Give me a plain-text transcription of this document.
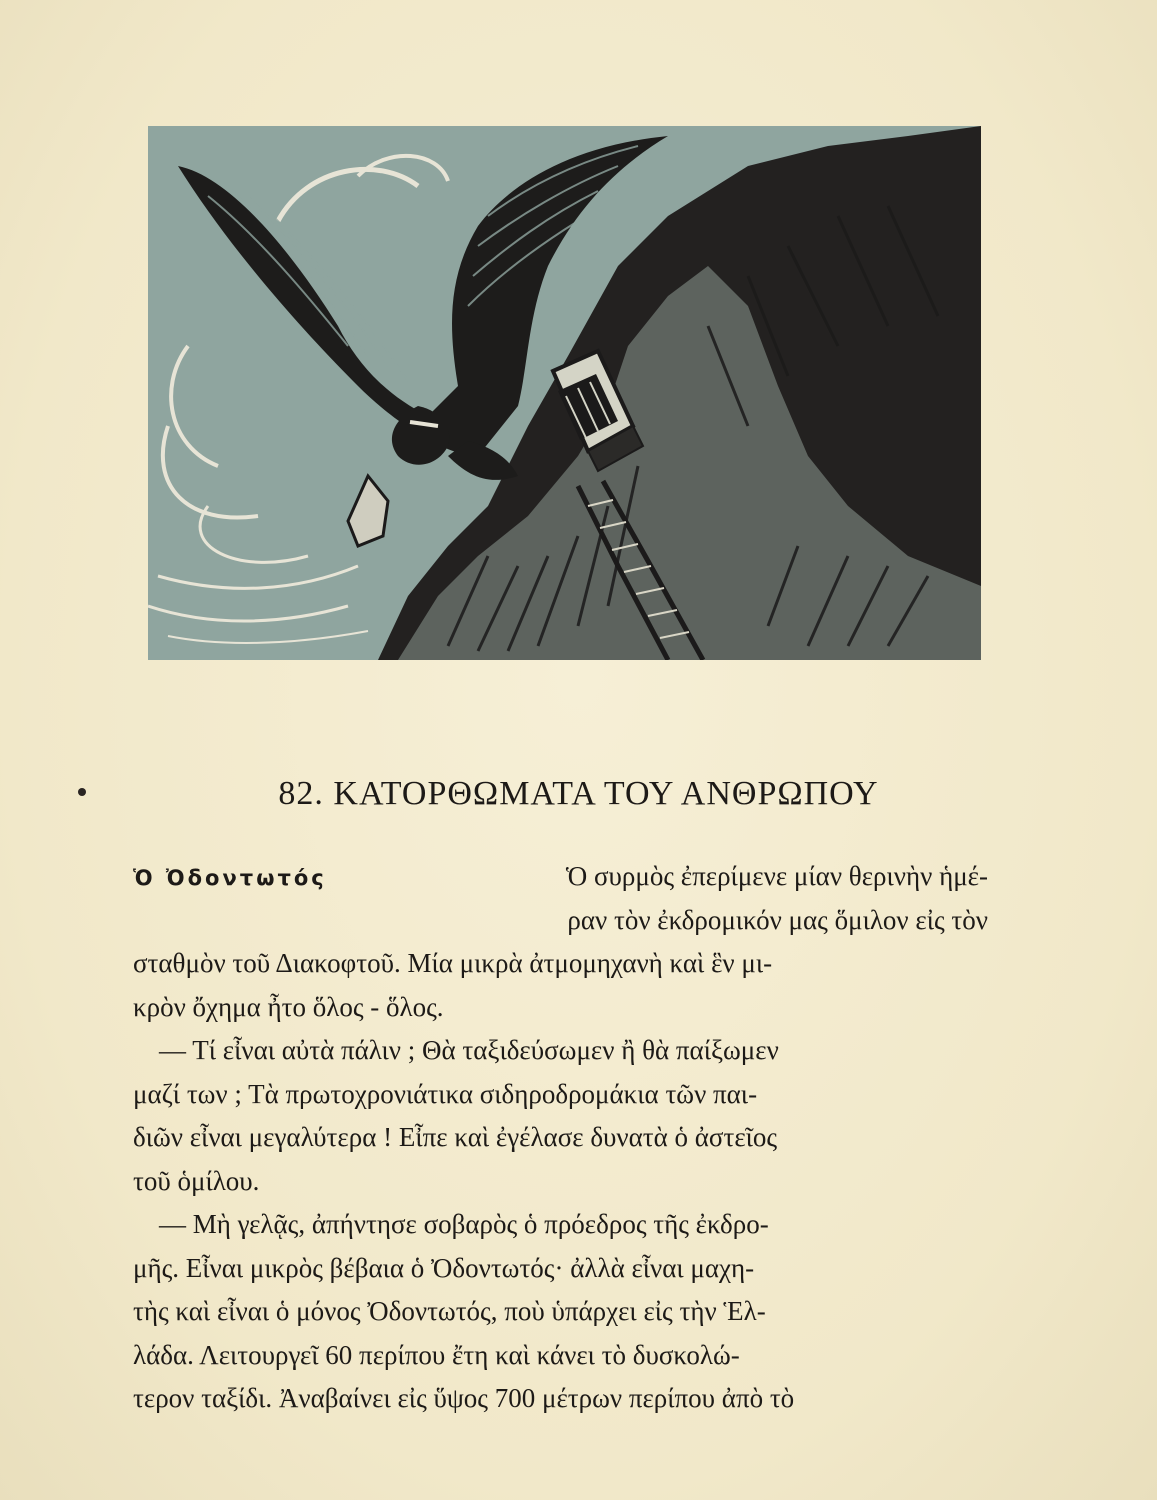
82. ΚΑΤΟΡΘΩΜΑΤΑ ΤΟΥ ΑΝΘΡΩΠΟΥ
Ὁ Ὀδοντωτός	Ὁ συρμὸς ἐπερίμενε μίαν θερινὴν ἡμέ-
ραν τὸν ἐκδρομικόν μας ὅμιλον εἰς τὸν
σταθμὸν τοῦ Διακοφτοῦ. Μία μικρὰ ἀτμομηχανὴ καὶ ἓν μι-
κρὸν ὄχημα ἦτο ὅλος - ὅλος.
— Τί εἶναι αὐτὰ πάλιν ; Θὰ ταξιδεύσωμεν ἢ θὰ παίξωμεν
μαζί των ; Τὰ πρωτοχρονιάτικα σιδηροδρομάκια τῶν παι-
διῶν εἶναι μεγαλύτερα ! Εἶπε καὶ ἐγέλασε δυνατὰ ὁ ἀστεῖος
τοῦ ὁμίλου.
— Μὴ γελᾷς, ἀπήντησε σοβαρὸς ὁ πρόεδρος τῆς ἐκδρο-
μῆς. Εἶναι μικρὸς βέβαια ὁ Ὀδοντωτός· ἀλλὰ εἶναι μαχη-
τὴς καὶ εἶναι ὁ μόνος Ὀδοντωτός, ποὺ ὑπάρχει εἰς τὴν Ἑλ-
λάδα. Λειτουργεῖ 60 περίπου ἔτη καὶ κάνει τὸ δυσκολώ-
τερον ταξίδι. Ἀναβαίνει εἰς ὕψος 700 μέτρων περίπου ἀπὸ τὸ
